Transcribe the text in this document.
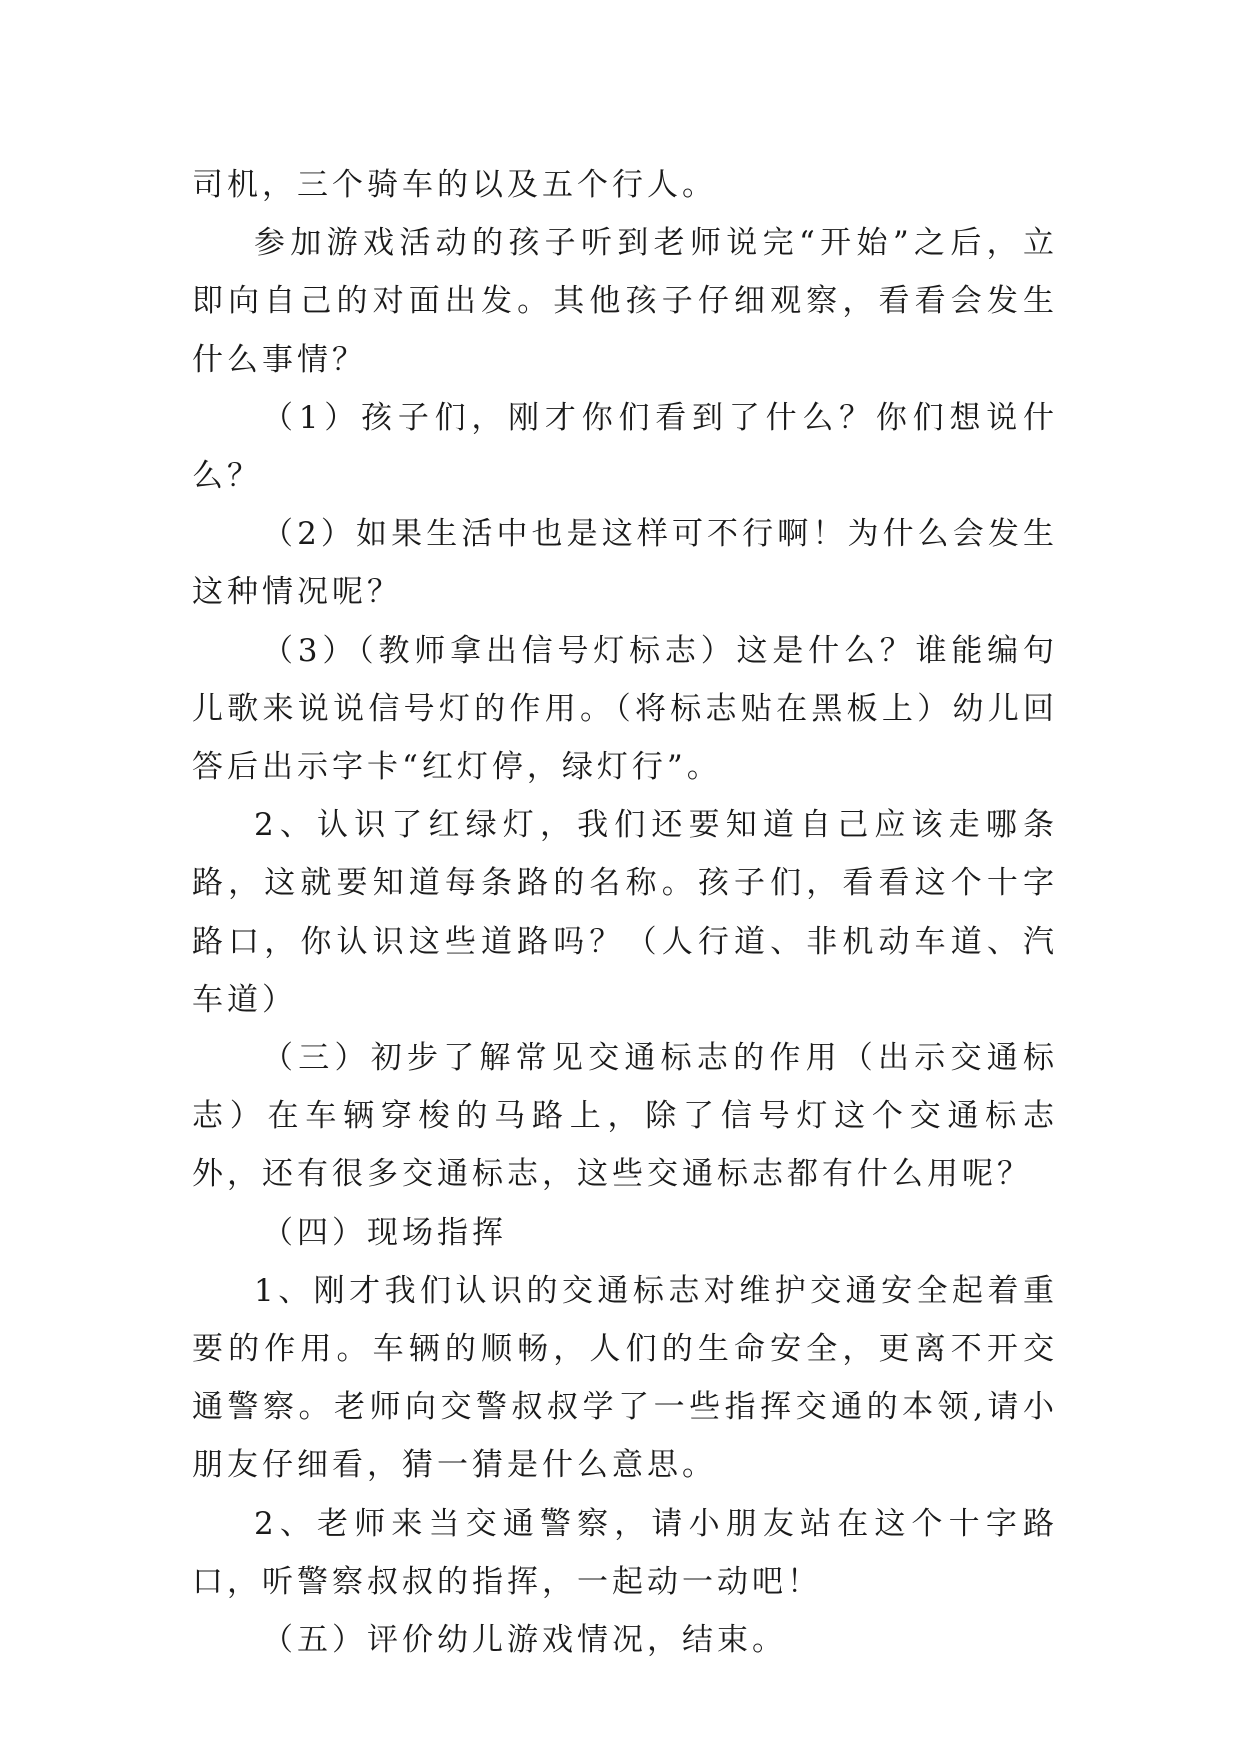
司机，三个骑车的以及五个行人。

参加游戏活动的孩子听到老师说完“开始”之后，立即向自己的对面出发。其他孩子仔细观察，看看会发生什么事情？

（1）孩子们，刚才你们看到了什么？你们想说什么？

（2）如果生活中也是这样可不行啊！为什么会发生这种情况呢？

（3）（教师拿出信号灯标志）这是什么？谁能编句儿歌来说说信号灯的作用。（将标志贴在黑板上）幼儿回答后出示字卡“红灯停，绿灯行”。

2、认识了红绿灯，我们还要知道自己应该走哪条路，这就要知道每条路的名称。孩子们，看看这个十字路口，你认识这些道路吗？（人行道、非机动车道、汽车道）

（三）初步了解常见交通标志的作用（出示交通标志）在车辆穿梭的马路上，除了信号灯这个交通标志外，还有很多交通标志，这些交通标志都有什么用呢？

（四）现场指挥

1、刚才我们认识的交通标志对维护交通安全起着重要的作用。车辆的顺畅，人们的生命安全，更离不开交通警察。老师向交警叔叔学了一些指挥交通的本领,请小朋友仔细看，猜一猜是什么意思。

2、老师来当交通警察，请小朋友站在这个十字路口，听警察叔叔的指挥，一起动一动吧！

（五）评价幼儿游戏情况，结束。
